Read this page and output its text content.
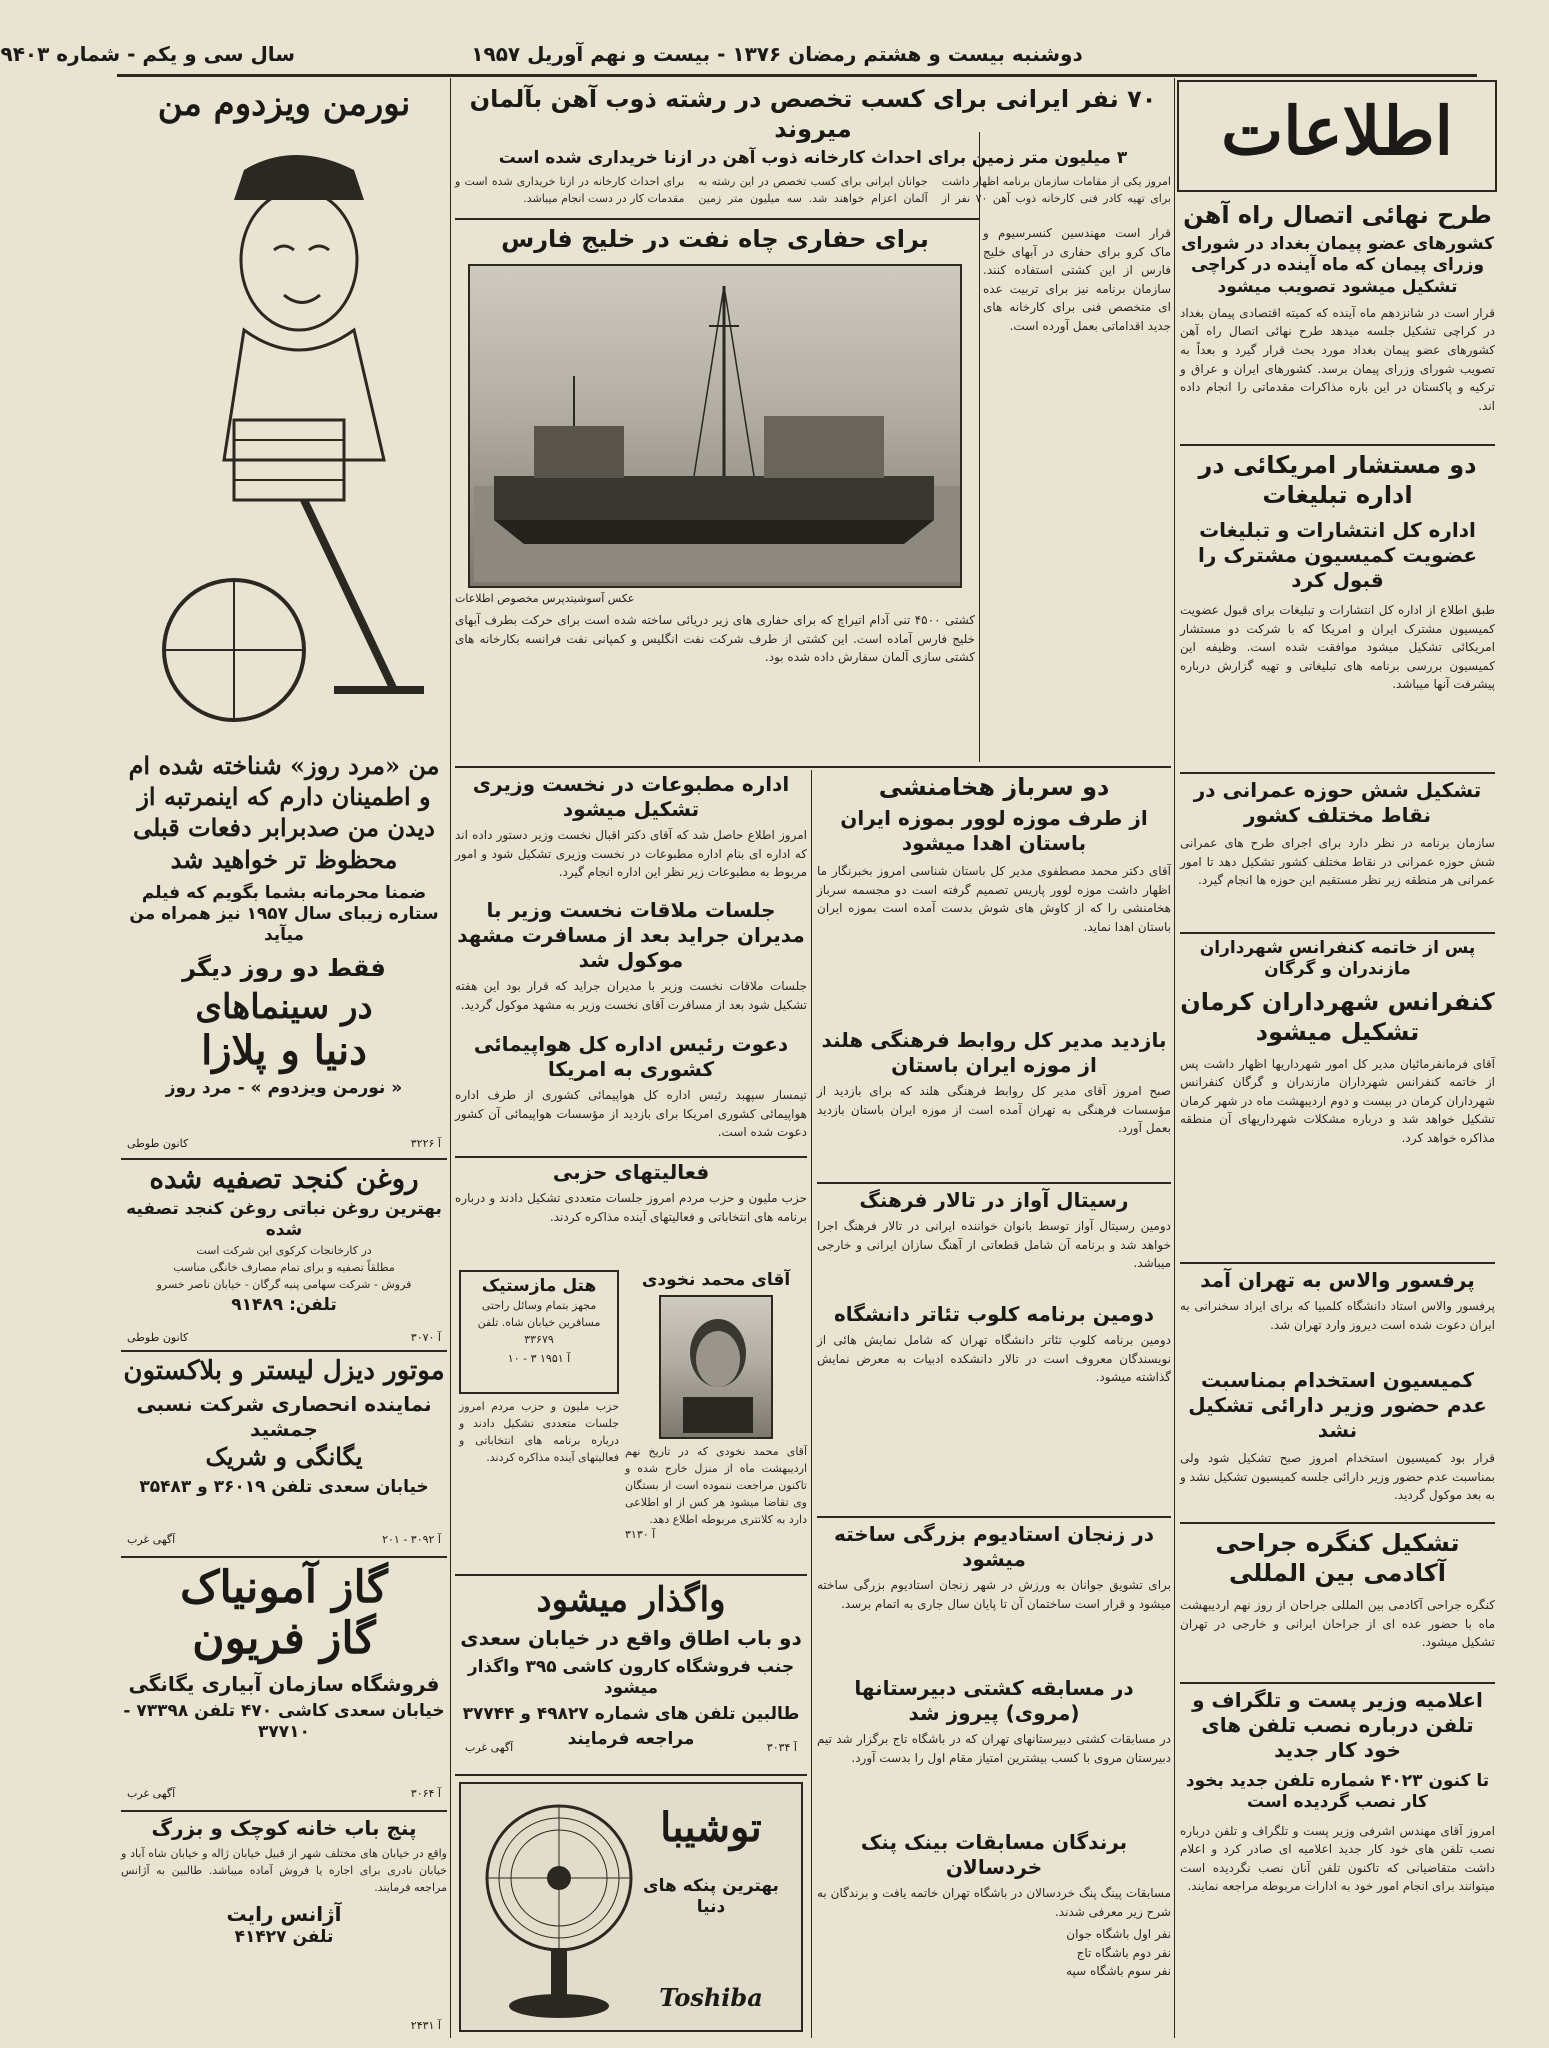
سال سی و یکم - شماره ۹۴۰۳	دوشنبه بیست و هشتم رمضان ۱۳۷۶ - بیست و نهم آوریل ۱۹۵۷
اطلاعات
طرح نهائی اتصال راه آهن
کشورهای عضو پیمان بغداد در شورای وزرای پیمان که ماه آینده در کراچی تشکیل میشود تصویب میشود
قرار است در شانزدهم ماه آینده که کمیته اقتصادی پیمان بغداد در کراچی تشکیل جلسه میدهد طرح نهائی اتصال راه آهن کشورهای عضو پیمان بغداد مورد بحث قرار گیرد و بعداً به تصویب شورای وزرای پیمان برسد. کشورهای ایران و عراق و ترکیه و پاکستان در این باره مذاکرات مقدماتی را انجام داده اند.
دو مستشار امریکائی در اداره تبلیغات
اداره کل انتشارات و تبلیغات عضویت کمیسیون مشترک را قبول کرد
طبق اطلاع از اداره کل انتشارات و تبلیغات برای قبول عضویت کمیسیون مشترک ایران و امریکا که با شرکت دو مستشار امریکائی تشکیل میشود موافقت شده است. وظیفه این کمیسیون بررسی برنامه های تبلیغاتی و تهیه گزارش درباره پیشرفت آنها میباشد.
تشکیل شش حوزه عمرانی در نقاط مختلف کشور
سازمان برنامه در نظر دارد برای اجرای طرح های عمرانی شش حوزه عمرانی در نقاط مختلف کشور تشکیل دهد تا امور عمرانی هر منطقه زیر نظر مستقیم این حوزه ها انجام گیرد.
پس از خاتمه کنفرانس شهرداران مازندران و گرگان
کنفرانس شهرداران کرمان تشکیل میشود
آقای فرمانفرمائیان مدیر کل امور شهرداریها اظهار داشت پس از خاتمه کنفرانس شهرداران مازندران و گرگان کنفرانس شهرداران کرمان در بیست و دوم اردیبهشت ماه در شهر کرمان تشکیل خواهد شد و درباره مشکلات شهرداریهای آن منطقه مذاکره خواهد کرد.
پرفسور والاس به تهران آمد
پرفسور والاس استاد دانشگاه کلمبیا که برای ایراد سخنرانی به ایران دعوت شده است دیروز وارد تهران شد.
کمیسیون استخدام بمناسبت عدم حضور وزیر دارائی تشکیل نشد
قرار بود کمیسیون استخدام امروز صبح تشکیل شود ولی بمناسبت عدم حضور وزیر دارائی جلسه کمیسیون تشکیل نشد و به بعد موکول گردید.
تشکیل کنگره جراحی آکادمی بین المللی
کنگره جراحی آکادمی بین المللی جراحان از روز نهم اردیبهشت ماه با حضور عده ای از جراحان ایرانی و خارجی در تهران تشکیل میشود.
اعلامیه وزیر پست و تلگراف و تلفن درباره نصب تلفن های خود کار جدید
تا کنون ۴۰۲۳ شماره تلفن جدید بخود کار نصب گردیده است
امروز آقای مهندس اشرفی وزیر پست و تلگراف و تلفن درباره نصب تلفن های خود کار جدید اعلامیه ای صادر کرد و اعلام داشت متقاضیانی که تاکنون تلفن آنان نصب نگردیده است میتوانند برای انجام امور خود به ادارات مربوطه مراجعه نمایند.
۷۰ نفر ایرانی برای کسب تخصص در رشته ذوب آهن بآلمان میروند
۳ میلیون متر زمین برای احداث کارخانه ذوب آهن در ازنا خریداری شده است
امروز یکی از مقامات سازمان برنامه اظهار داشت برای تهیه کادر فنی کارخانه ذوب آهن ۷۰ نفر از جوانان ایرانی برای کسب تخصص در این رشته به آلمان اعزام خواهند شد. سه میلیون متر زمین برای احداث کارخانه در ازنا خریداری شده است و مقدمات کار در دست انجام میباشد.
برای حفاری چاه نفت در خلیج فارس
عکس آسوشیتدپرس مخصوص اطلاعات
کشتی ۴۵۰۰ تنی آدام اتیراچ که برای حفاری های زیر دریائی ساخته شده است برای حرکت بطرف آبهای خلیج فارس آماده است. این کشتی از طرف شرکت نفت انگلیس و کمپانی نفت فرانسه بکارخانه های کشتی سازی آلمان سفارش داده شده بود.
قرار است مهندسین کنسرسیوم و ماک کرو برای حفاری در آبهای خلیج فارس از این کشتی استفاده کنند. سازمان برنامه نیز برای تربیت عده ای متخصص فنی برای کارخانه های جدید اقداماتی بعمل آورده است.
اداره مطبوعات در نخست وزیری تشکیل میشود
امروز اطلاع حاصل شد که آقای دکتر اقبال نخست وزیر دستور داده اند که اداره ای بنام اداره مطبوعات در نخست وزیری تشکیل شود و امور مربوط به مطبوعات زیر نظر این اداره انجام گیرد.
جلسات ملاقات نخست وزیر با مدیران جراید بعد از مسافرت مشهد موکول شد
جلسات ملاقات نخست وزیر با مدیران جراید که قرار بود این هفته تشکیل شود بعد از مسافرت آقای نخست وزیر به مشهد موکول گردید.
دعوت رئیس اداره کل هواپیمائی کشوری به امریکا
تیمسار سپهبد رئیس اداره کل هواپیمائی کشوری از طرف اداره هواپیمائی کشوری امریکا برای بازدید از مؤسسات هواپیمائی آن کشور دعوت شده است.
فعالیتهای حزبی
حزب ملیون و حزب مردم امروز جلسات متعددی تشکیل دادند و درباره برنامه های انتخاباتی و فعالیتهای آینده مذاکره کردند.
هتل مازستیک
مجهز بتمام وسائل راحتی مسافرین خیابان شاه. تلفن ۳۳۶۷۹
آ ۱۹۵۱ ۳ - ۱۰
آقای محمد نخودی
آقای محمد نخودی که در تاریخ نهم اردیبهشت ماه از منزل خارج شده و تاکنون مراجعت ننموده است از بستگان وی تقاضا میشود هر کس از او اطلاعی دارد به کلانتری مربوطه اطلاع دهد.
آ ۳۱۳۰
حزب ملیون و حزب مردم امروز جلسات متعددی تشکیل دادند و درباره برنامه های انتخاباتی و فعالیتهای آینده مذاکره کردند.
واگذار میشود
دو باب اطاق واقع در خیابان سعدی
جنب فروشگاه کارون کاشی ۳۹۵ واگذار میشود
طالبین تلفن های شماره ۴۹۸۲۷ و ۳۷۷۴۴
مراجعه فرمایند
آگهی غرب	آ ۳۰۳۴
توشیبا
بهترین پنکه های دنیا
Toshiba
دو سرباز هخامنشی
از طرف موزه لوور بموزه ایران باستان اهدا میشود
آقای دکتر محمد مصطفوی مدیر کل باستان شناسی امروز بخبرنگار ما اظهار داشت موزه لوور پاریس تصمیم گرفته است دو مجسمه سرباز هخامنشی را که از کاوش های شوش بدست آمده است بموزه ایران باستان اهدا نماید.
بازدید مدیر کل روابط فرهنگی هلند از موزه ایران باستان
صبح امروز آقای مدیر کل روابط فرهنگی هلند که برای بازدید از مؤسسات فرهنگی به تهران آمده است از موزه ایران باستان بازدید بعمل آورد.
رسیتال آواز در تالار فرهنگ
دومین رسیتال آواز توسط بانوان خواننده ایرانی در تالار فرهنگ اجرا خواهد شد و برنامه آن شامل قطعاتی از آهنگ سازان ایرانی و خارجی میباشد.
دومین برنامه کلوب تئاتر دانشگاه
دومین برنامه کلوب تئاتر دانشگاه تهران که شامل نمایش هائی از نویسندگان معروف است در تالار دانشکده ادبیات به معرض نمایش گذاشته میشود.
در زنجان استادیوم بزرگی ساخته میشود
برای تشویق جوانان به ورزش در شهر زنجان استادیوم بزرگی ساخته میشود و قرار است ساختمان آن تا پایان سال جاری به اتمام برسد.
در مسابقه کشتی دبیرستانها (مروی) پیروز شد
در مسابقات کشتی دبیرستانهای تهران که در باشگاه تاج برگزار شد تیم دبیرستان مروی با کسب بیشترین امتیاز مقام اول را بدست آورد.
برندگان مسابقات بینک پنک خردسالان
مسابقات پینگ پنگ خردسالان در باشگاه تهران خاتمه یافت و برندگان به شرح زیر معرفی شدند.
نفر اول باشگاه جوان
نفر دوم باشگاه تاج
نفر سوم باشگاه سپه
نورمن ویزدوم من
من «مرد روز» شناخته شده ام و اطمینان دارم که اینمرتبه از دیدن من صدبرابر دفعات قبلی محظوظ تر خواهید شد
ضمنا محرمانه بشما بگویم که فیلم ستاره زیبای سال ۱۹۵۷ نیز همراه من میآید
فقط دو روز دیگر
در سینماهای
دنیا و پلازا
« نورمن ویزدوم » - مرد روز
کانون طوطی	آ ۳۲۲۶
روغن کنجد تصفیه شده
بهترین روغن نباتی روغن کنجد تصفیه شده
در کارخانجات کرکوی این شرکت است
مطلقاً تصفیه و برای تمام مصارف خانگی مناسب
فروش - شرکت سهامی پنبه گرگان - خیابان ناصر خسرو
تلفن: ۹۱۴۸۹
کانون طوطی	آ ۳۰۷۰
موتور دیزل لیستر و بلاکستون
نماینده انحصاری شرکت نسبی جمشید
یگانگی و شریک
خیابان سعدی تلفن ۳۶۰۱۹ و ۳۵۴۸۳
آگهی غرب	آ ۳۰۹۲ - ۲۰۱
گاز آمونیاک
گاز فریون
فروشگاه سازمان آبیاری یگانگی
خیابان سعدی کاشی ۴۷۰ تلفن ۷۳۳۹۸ - ۳۷۷۱۰
آگهی غرب	آ ۳۰۶۴
پنج باب خانه کوچک و بزرگ
واقع در خیابان های مختلف شهر از قبیل خیابان ژاله و خیابان شاه آباد و خیابان نادری برای اجاره یا فروش آماده میباشد. طالبین به آژانس مراجعه فرمایند.
آژانس رایت
تلفن ۴۱۴۲۷
آ ۲۴۳۱
